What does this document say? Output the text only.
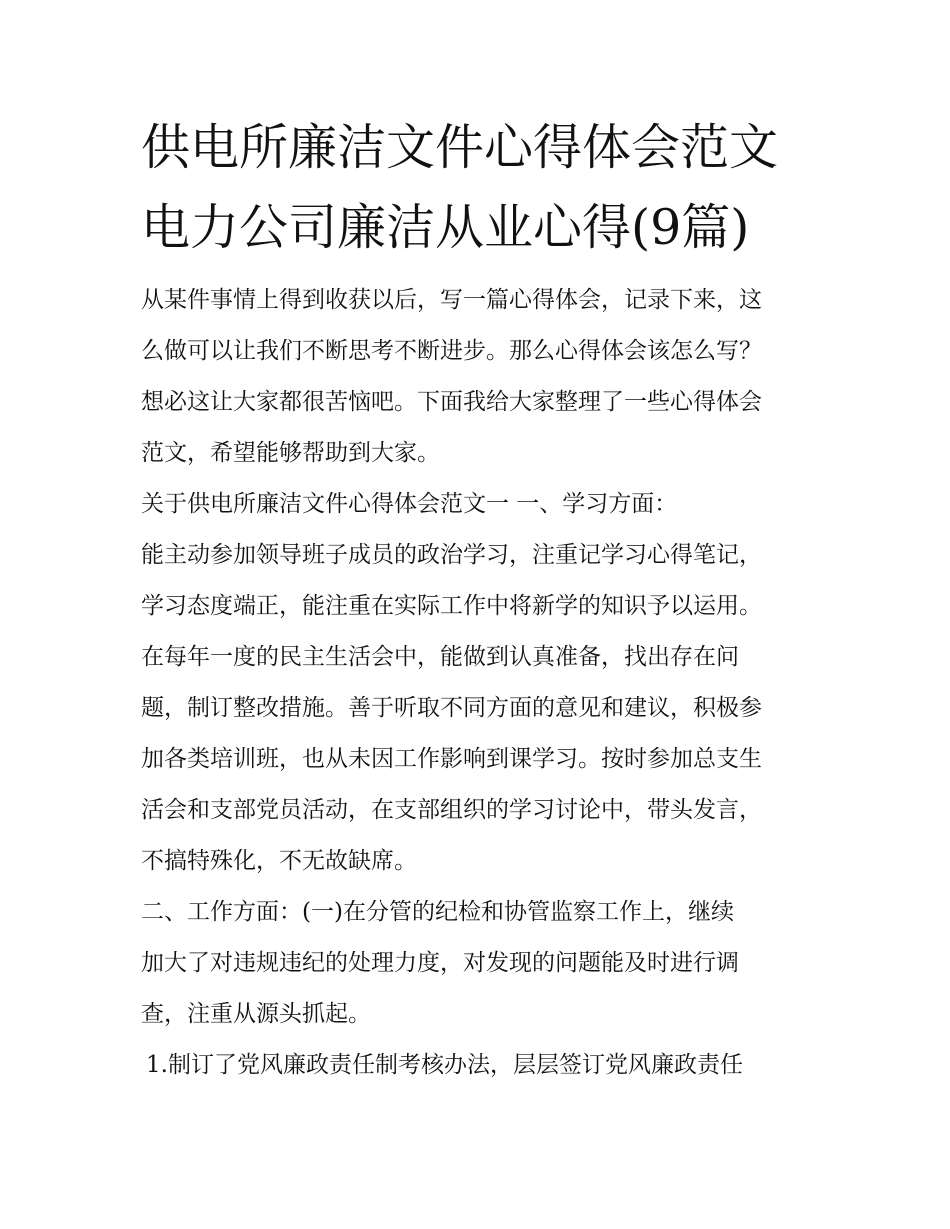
供电所廉洁文件心得体会范文
电力公司廉洁从业心得(9篇)

从某件事情上得到收获以后，写一篇心得体会，记录下来，这

么做可以让我们不断思考不断进步。那么心得体会该怎么写？

想必这让大家都很苦恼吧。下面我给大家整理了一些心得体会

范文，希望能够帮助到大家。

关于供电所廉洁文件心得体会范文一 一、学习方面：

能主动参加领导班子成员的政治学习，注重记学习心得笔记，

学习态度端正，能注重在实际工作中将新学的知识予以运用。

在每年一度的民主生活会中，能做到认真准备，找出存在问

题，制订整改措施。善于听取不同方面的意见和建议，积极参

加各类培训班，也从未因工作影响到课学习。按时参加总支生

活会和支部党员活动，在支部组织的学习讨论中，带头发言，

不搞特殊化，不无故缺席。

二、工作方面：(一)在分管的纪检和协管监察工作上，继续

加大了对违规违纪的处理力度，对发现的问题能及时进行调

查，注重从源头抓起。

1.制订了党风廉政责任制考核办法，层层签订党风廉政责任
